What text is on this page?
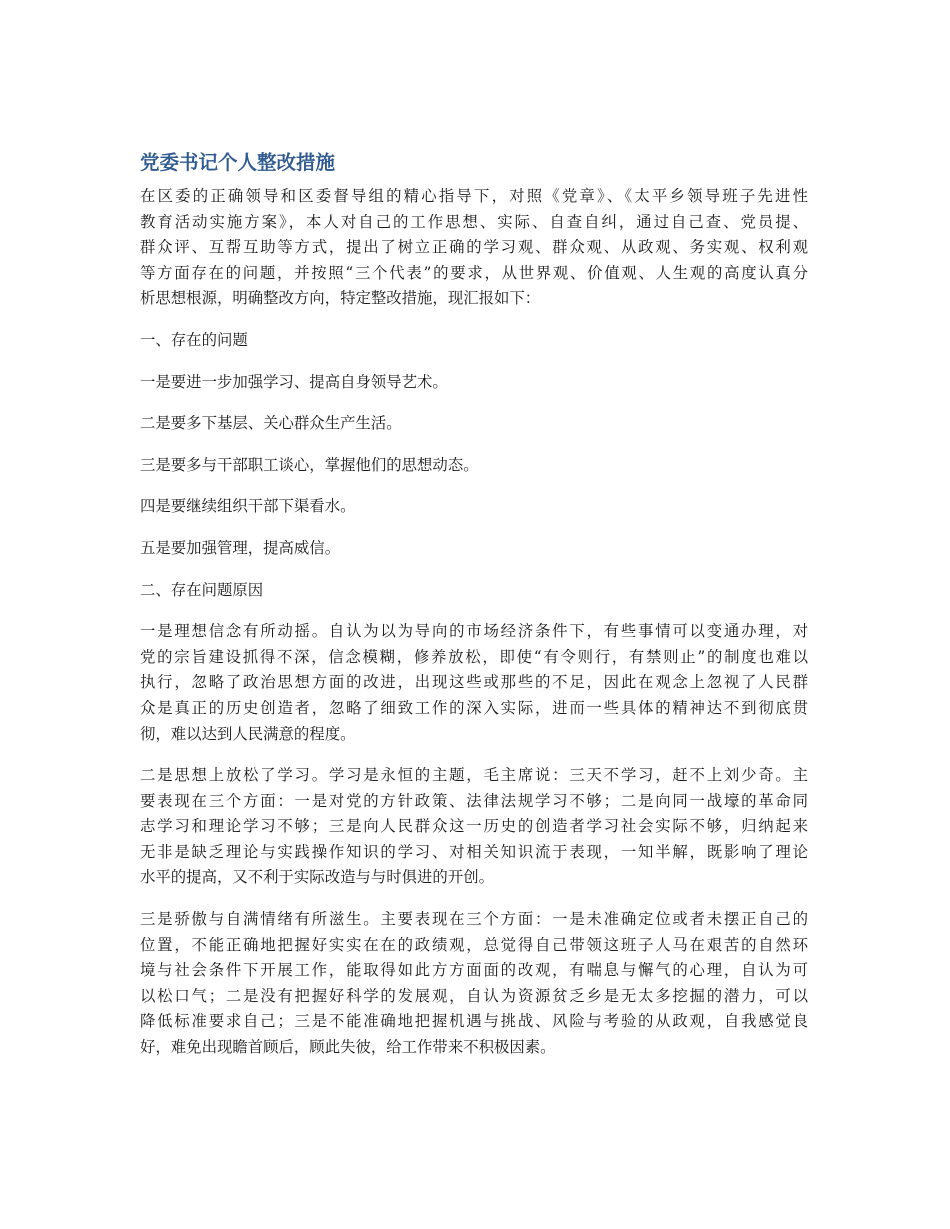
党委书记个人整改措施
在区委的正确领导和区委督导组的精心指导下，对照《党章》、《太平乡领导班子先进性
教育活动实施方案》，本人对自己的工作思想、实际、自查自纠，通过自己查、党员提、
群众评、互帮互助等方式，提出了树立正确的学习观、群众观、从政观、务实观、权利观
等方面存在的问题，并按照“三个代表”的要求，从世界观、价值观、人生观的高度认真分
析思想根源，明确整改方向，特定整改措施，现汇报如下：
一、存在的问题
一是要进一步加强学习、提高自身领导艺术。
二是要多下基层、关心群众生产生活。
三是要多与干部职工谈心，掌握他们的思想动态。
四是要继续组织干部下渠看水。
五是要加强管理，提高威信。
二、存在问题原因
一是理想信念有所动摇。自认为以为导向的市场经济条件下，有些事情可以变通办理，对
党的宗旨建设抓得不深，信念模糊，修养放松，即使“有令则行，有禁则止”的制度也难以
执行，忽略了政治思想方面的改进，出现这些或那些的不足，因此在观念上忽视了人民群
众是真正的历史创造者，忽略了细致工作的深入实际，进而一些具体的精神达不到彻底贯
彻，难以达到人民满意的程度。
二是思想上放松了学习。学习是永恒的主题，毛主席说：三天不学习，赶不上刘少奇。主
要表现在三个方面：一是对党的方针政策、法律法规学习不够；二是向同一战壕的革命同
志学习和理论学习不够；三是向人民群众这一历史的创造者学习社会实际不够，归纳起来
无非是缺乏理论与实践操作知识的学习、对相关知识流于表现，一知半解，既影响了理论
水平的提高，又不利于实际改造与与时俱进的开创。
三是骄傲与自满情绪有所滋生。主要表现在三个方面：一是未准确定位或者未摆正自己的
位置，不能正确地把握好实实在在的政绩观，总觉得自己带领这班子人马在艰苦的自然环
境与社会条件下开展工作，能取得如此方方面面的改观，有喘息与懈气的心理，自认为可
以松口气；二是没有把握好科学的发展观，自认为资源贫乏乡是无太多挖掘的潜力，可以
降低标准要求自己；三是不能准确地把握机遇与挑战、风险与考验的从政观，自我感觉良
好，难免出现瞻首顾后，顾此失彼，给工作带来不积极因素。
